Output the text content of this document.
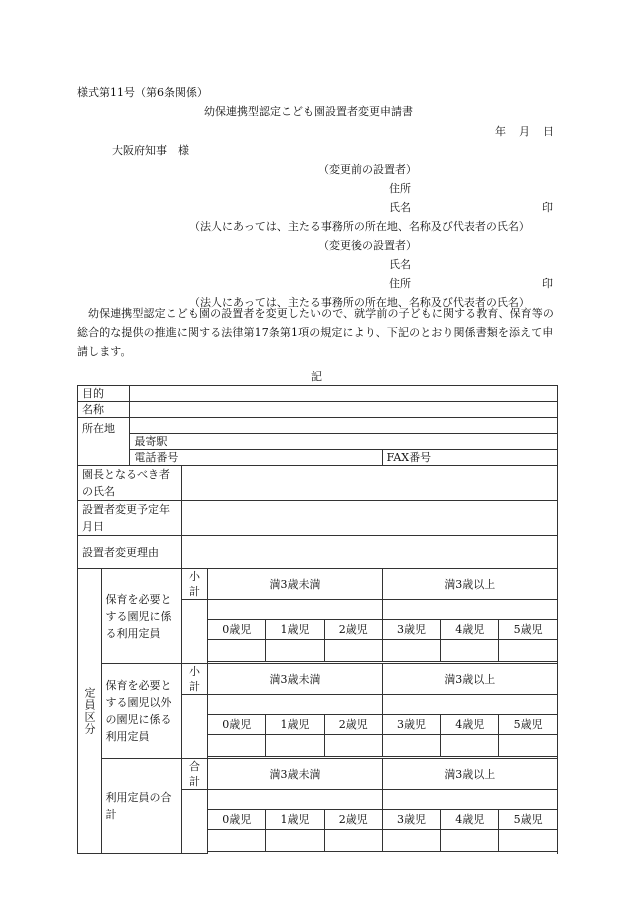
様式第11号（第6条関係）
幼保連携型認定こども園設置者変更申請書
年　月　日
大阪府知事　様
（変更前の設置者）
住所
氏名	印
（法人にあっては、主たる事務所の所在地、名称及び代表者の氏名）
（変更後の設置者）
氏名
住所	印
（法人にあっては、主たる事務所の所在地、名称及び代表者の氏名）

幼保連携型認定こども園の設置者を変更したいので、就学前の子どもに関する教育、保育等の総合的な提供の推進に関する法律第17条第1項の規定により、下記のとおり関係書類を添えて申請します。

記
目的									
名称									
所在地									
		最寄駅							
		電話番号					FAX番号		
園長となるべき者の氏名									
設置者変更予定年月日									
設置者変更理由									

定員区分	保育を必要とする園児に係る利用定員		小計	満3歳未満			満3歳以上		

				0歳児	1歳児	2歳児	3歳児	4歳児	5歳児

	保育を必要とする園児以外の園児に係る利用定員		小計	満3歳未満			満3歳以上		

				0歳児	1歳児	2歳児	3歳児	4歳児	5歳児

	利用定員の合計		合計	満3歳未満			満3歳以上		

				0歳児	1歳児	2歳児	3歳児	4歳児	5歳児
